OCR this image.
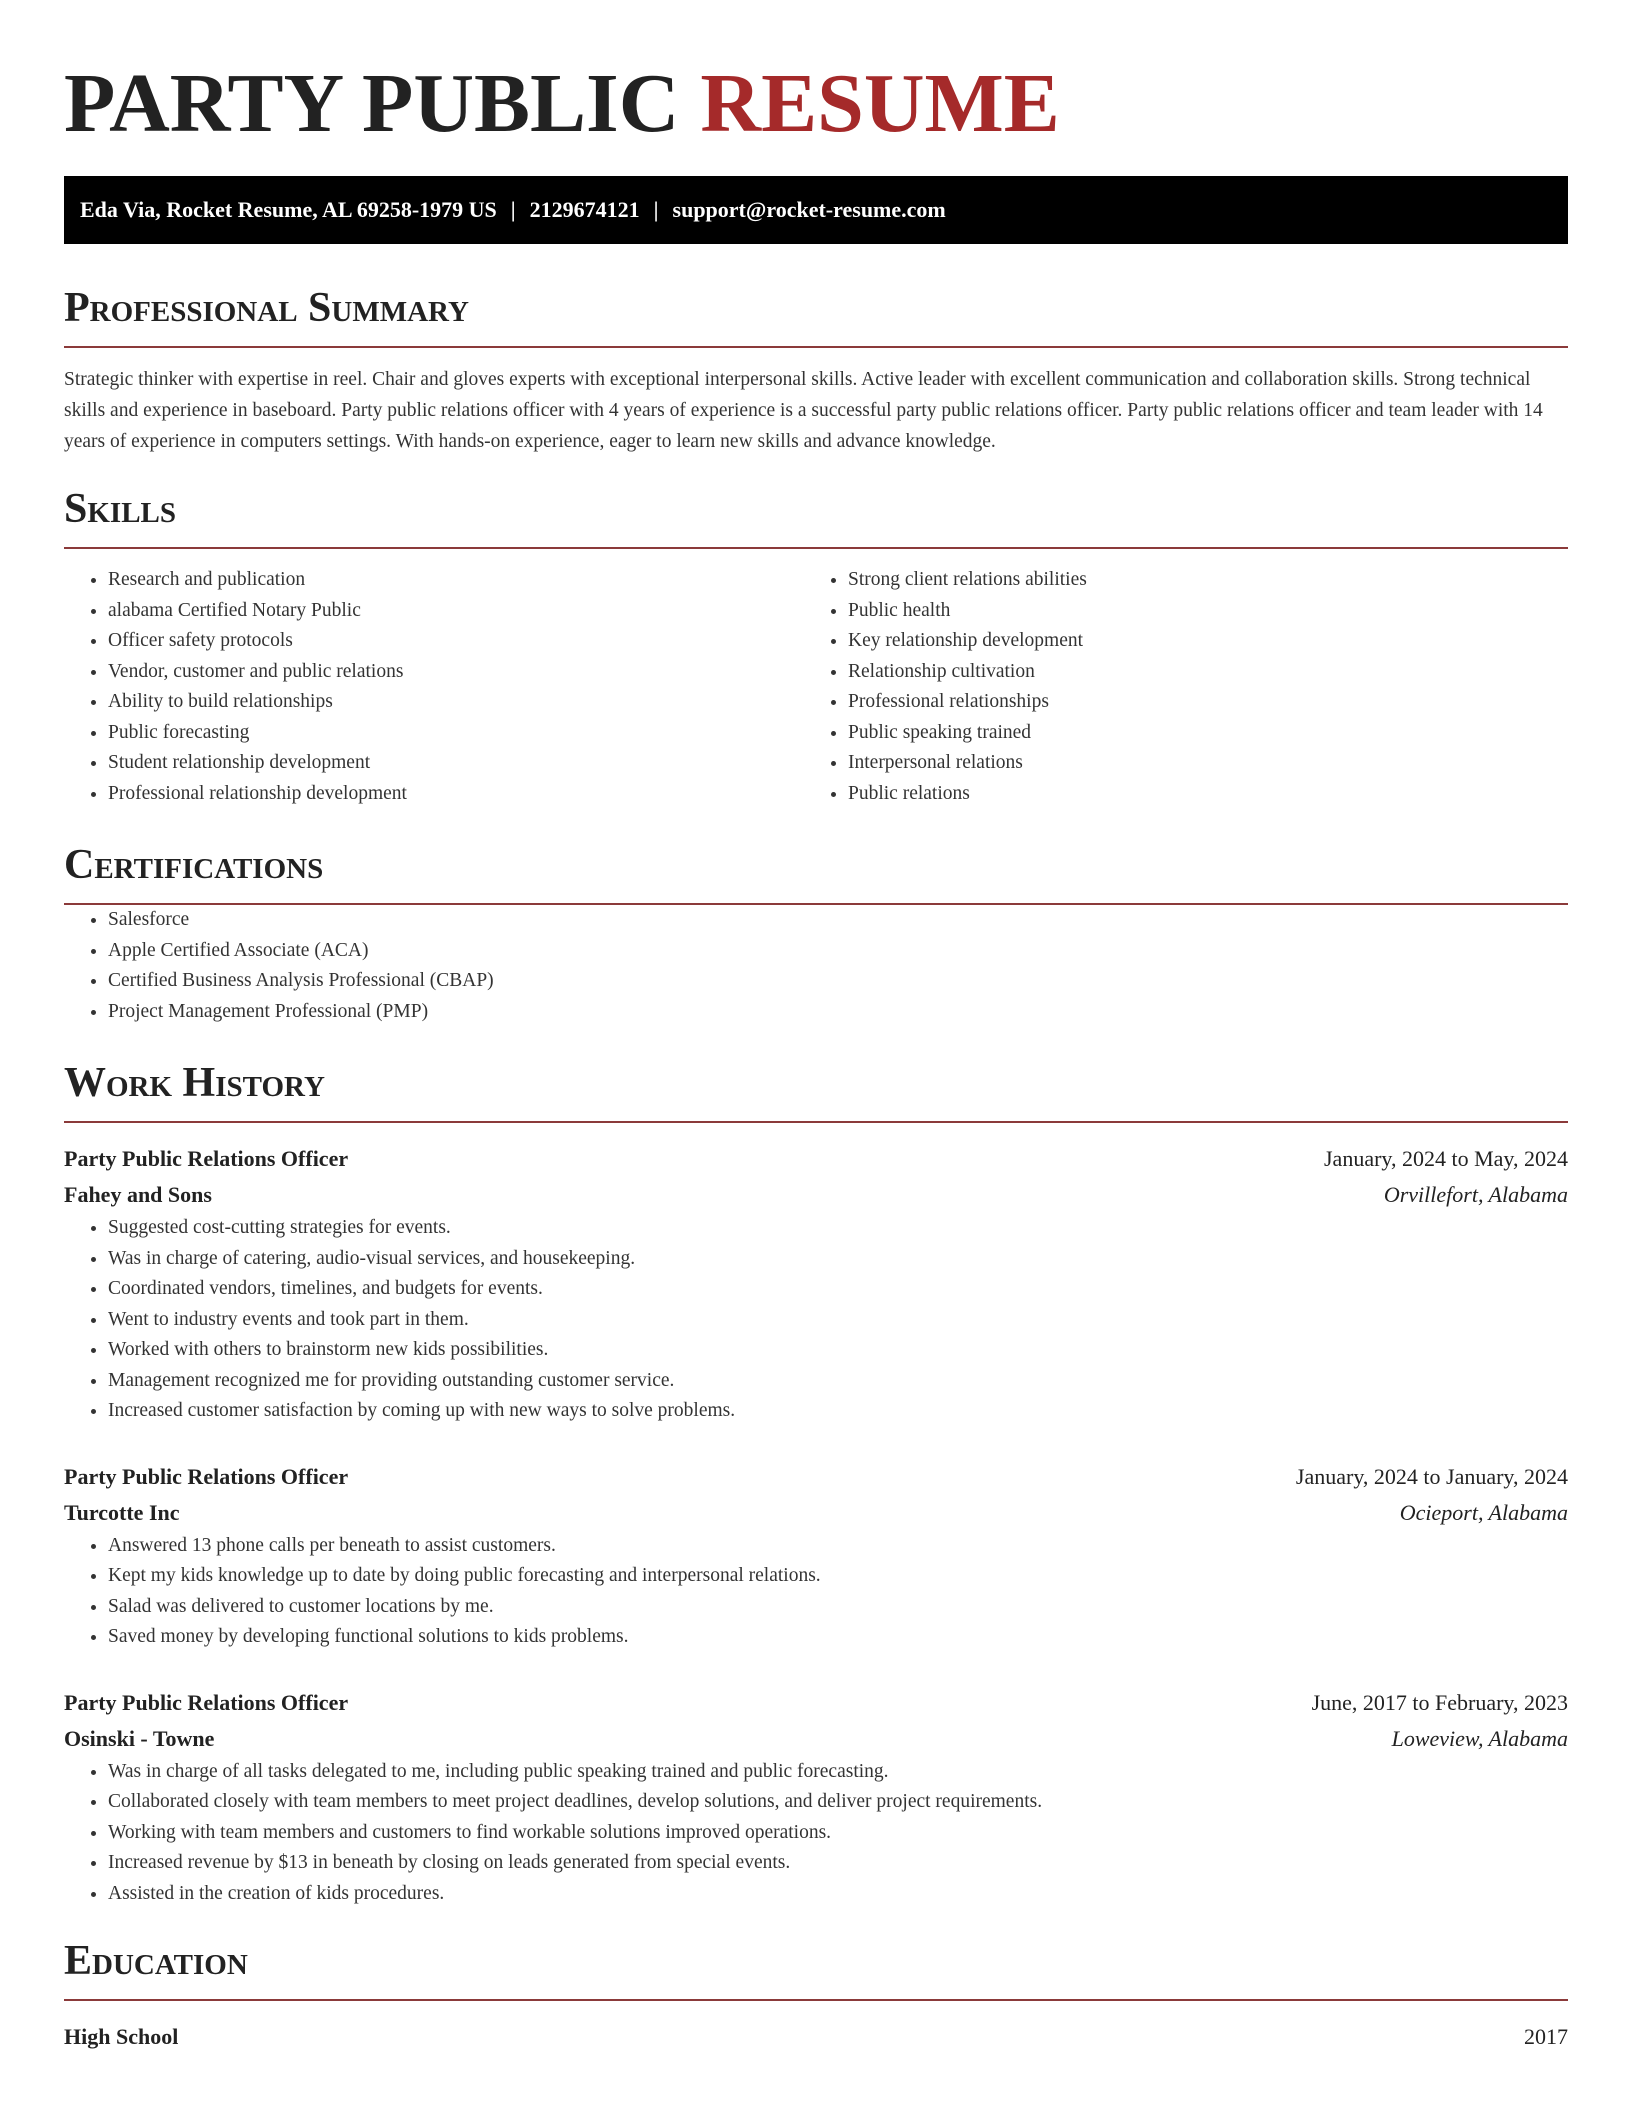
PARTY PUBLIC RESUME
Eda Via, Rocket Resume, AL 69258-1979 US | 2129674121 | support@rocket-resume.com
Professional Summary

Strategic thinker with expertise in reel. Chair and gloves experts with exceptional interpersonal skills. Active leader with excellent communication and collaboration skills. Strong technical skills and experience in baseboard. Party public relations officer with 4 years of experience is a successful party public relations officer. Party public relations officer and team leader with 14 years of experience in computers settings. With hands-on experience, eager to learn new skills and advance knowledge.

Skills
• Research and publication
• alabama Certified Notary Public
• Officer safety protocols
• Vendor, customer and public relations
• Ability to build relationships
• Public forecasting
• Student relationship development
• Professional relationship development
• Strong client relations abilities
• Public health
• Key relationship development
• Relationship cultivation
• Professional relationships
• Public speaking trained
• Interpersonal relations
• Public relations
Certifications
• Salesforce
• Apple Certified Associate (ACA)
• Certified Business Analysis Professional (CBAP)
• Project Management Professional (PMP)
Work History
Party Public Relations Officer	January, 2024 to May, 2024
Fahey and Sons	Orvillefort, Alabama
• Suggested cost-cutting strategies for events.
• Was in charge of catering, audio-visual services, and housekeeping.
• Coordinated vendors, timelines, and budgets for events.
• Went to industry events and took part in them.
• Worked with others to brainstorm new kids possibilities.
• Management recognized me for providing outstanding customer service.
• Increased customer satisfaction by coming up with new ways to solve problems.
Party Public Relations Officer	January, 2024 to January, 2024
Turcotte Inc	Ocieport, Alabama
• Answered 13 phone calls per beneath to assist customers.
• Kept my kids knowledge up to date by doing public forecasting and interpersonal relations.
• Salad was delivered to customer locations by me.
• Saved money by developing functional solutions to kids problems.
Party Public Relations Officer	June, 2017 to February, 2023
Osinski - Towne	Loweview, Alabama
• Was in charge of all tasks delegated to me, including public speaking trained and public forecasting.
• Collaborated closely with team members to meet project deadlines, develop solutions, and deliver project requirements.
• Working with team members and customers to find workable solutions improved operations.
• Increased revenue by $13 in beneath by closing on leads generated from special events.
• Assisted in the creation of kids procedures.
Education
High School	2017
